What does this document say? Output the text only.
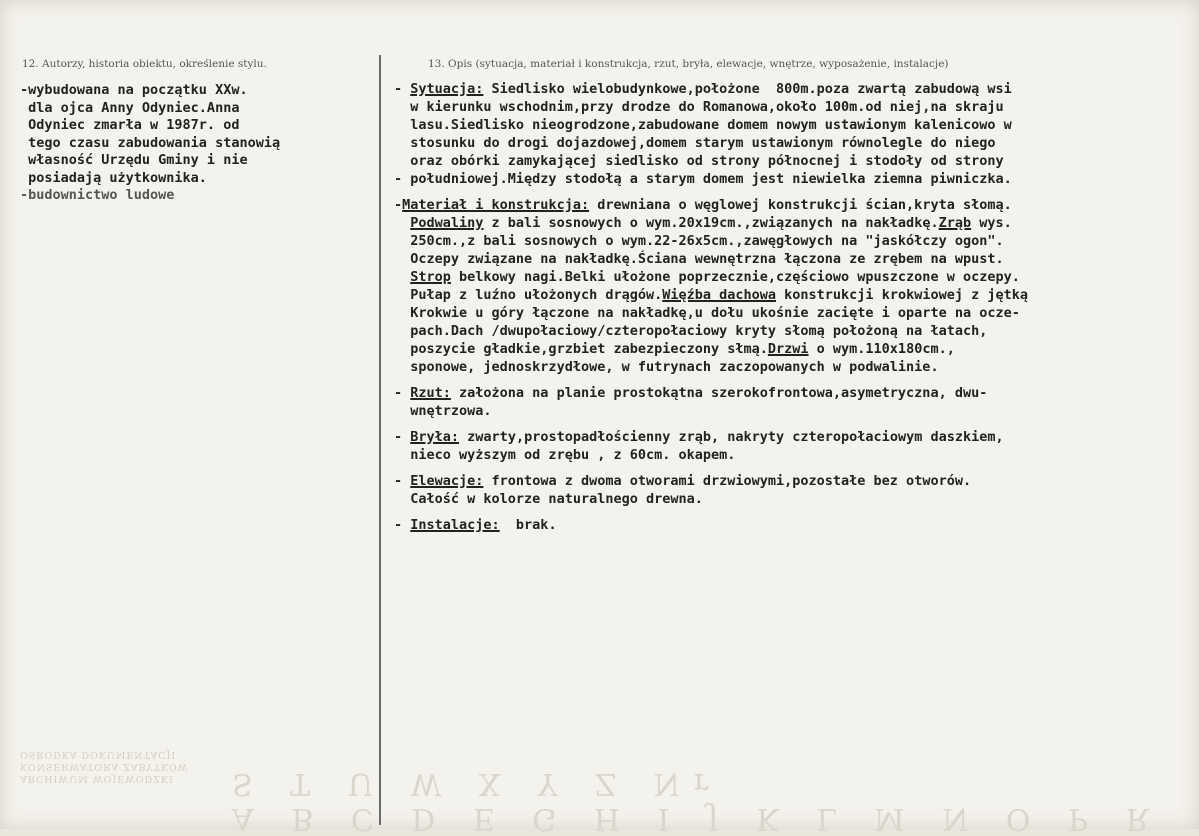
12. Autorzy, historia obiektu, określenie stylu.	13. Opis (sytuacja, materiał i konstrukcja, rzut, bryła, elewacje, wnętrze, wyposażenie, instalacje)

-wybudowana na początku XXw.

dla ojca Anny Odyniec.Anna

Odyniec zmarła w 1987r. od

tego czasu zabudowania stanowią

własność Urzędu Gminy i nie

posiadają użytkownika.

-budownictwo ludowe

- Sytuacja: Siedlisko wielobudynkowe,położone  800m.poza zwartą zabudową wsi

w kierunku wschodnim,przy drodze do Romanowa,około 100m.od niej,na skraju

lasu.Siedlisko nieogrodzone,zabudowane domem nowym ustawionym kalenicowo w

stosunku do drogi dojazdowej,domem starym ustawionym równolegle do niego

oraz obórki zamykającej siedlisko od strony północnej i stodoły od strony

- południowej.Między stodołą a starym domem jest niewielka ziemna piwniczka.

-Materiał i konstrukcja: drewniana o węglowej konstrukcji ścian,kryta słomą.

Podwaliny z bali sosnowych o wym.20x19cm.,związanych na nakładkę.Zrąb wys.

250cm.,z bali sosnowych o wym.22-26x5cm.,zawęgłowych na "jaskółczy ogon".

Oczepy związane na nakładkę.Ściana wewnętrzna łączona ze zrębem na wpust.

Strop belkowy nagi.Belki ułożone poprzecznie,częściowo wpuszczone w oczepy.

Pułap z luźno ułożonych drągów.Więźba dachowa konstrukcji krokwiowej z jętką

Krokwie u góry łączone na nakładkę,u dołu ukośnie zacięte i oparte na ocze-

pach.Dach /dwupołaciowy/czteropołaciowy kryty słomą położoną na łatach,

poszycie gładkie,grzbiet zabezpieczony słmą.Drzwi o wym.110x180cm.,

sponowe, jednoskrzydłowe, w futrynach zaczopowanych w podwalinie.

- Rzut: założona na planie prostokątna szerokofrontowa,asymetryczna, dwu-

wnętrzowa.

- Bryła: zwarty,prostopadłościenny zrąb, nakryty czteropołaciowym daszkiem,

nieco wyższym od zrębu , z 60cm. okapem.

- Elewacje: frontowa z dwoma otworami drzwiowymi,pozostałe bez otworów.

Całość w kolorze naturalnego drewna.

- Instalacje:  brak.

ARCHIWUM WOJEWÓDZKI
KONSERWATORA ZABYTKÓW
OŚRODKA DOKUMENTACJI
A B C D E G H I J K L M N O P R S T U W X Y Z Nr
